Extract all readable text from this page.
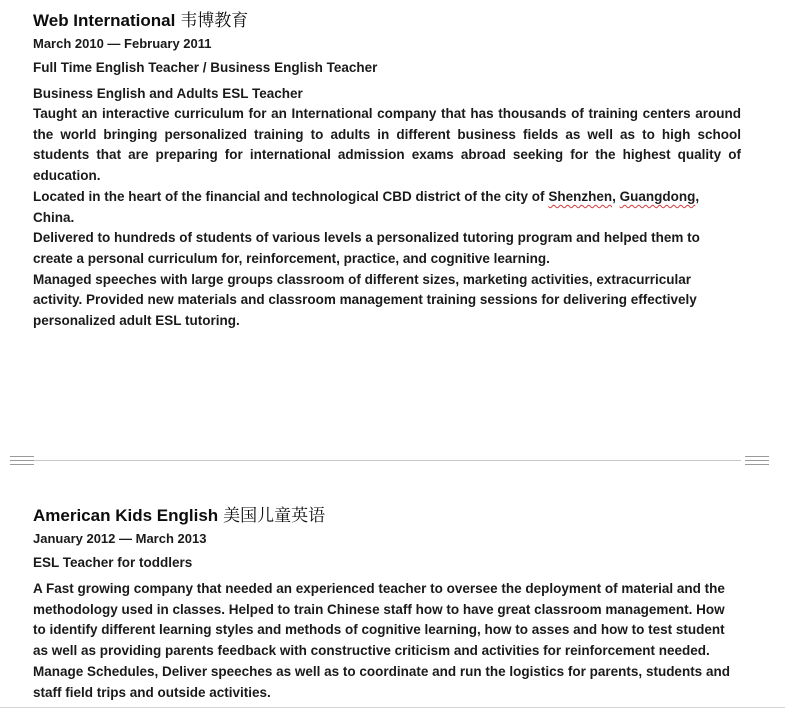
Web International 韦博教育
March 2010 — February 2011
Full Time English Teacher / Business English Teacher
Business English and Adults ESL Teacher
Taught an interactive curriculum for an International company that has thousands of training centers around the world bringing personalized training to adults in different business fields as well as to high school students that are preparing for international admission exams abroad seeking for the highest quality of education.
Located in the heart of the financial and technological CBD district of the city of Shenzhen, Guangdong, China.
Delivered to hundreds of students of various levels a personalized tutoring program and helped them to create a personal curriculum for, reinforcement, practice, and cognitive learning.
Managed speeches with large groups classroom of different sizes, marketing activities, extracurricular activity. Provided new materials and classroom management training sessions for delivering effectively personalized adult ESL tutoring.
American Kids English 美国儿童英语
January 2012 — March 2013
ESL Teacher for toddlers
A Fast growing company that needed an experienced teacher to oversee the deployment of material and the methodology used in classes. Helped to train Chinese staff how to have great classroom management. How to identify different learning styles and methods of cognitive learning, how to asses and how to test student as well as providing parents feedback with constructive criticism and activities for reinforcement needed. Manage Schedules, Deliver speeches as well as to coordinate and run the logistics for parents, students and staff field trips and outside activities.
